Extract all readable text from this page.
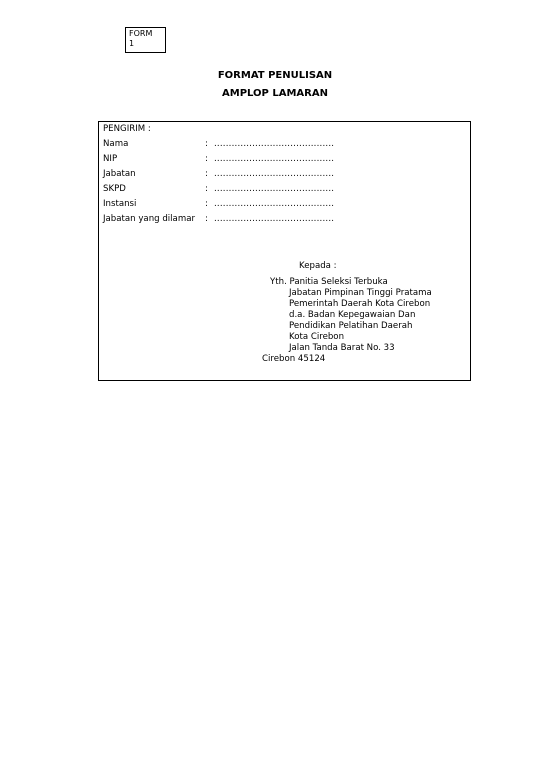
FORM
1
FORMAT PENULISAN
AMPLOP LAMARAN
PENGIRIM :
Nama	: .........................................
NIP	: .........................................
Jabatan	: .........................................
SKPD	: .........................................
Instansi	: .........................................
Jabatan yang dilamar : .........................................
Kepada :
Yth. Panitia Seleksi Terbuka
Jabatan Pimpinan Tinggi Pratama
Pemerintah Daerah Kota Cirebon
d.a. Badan Kepegawaian Dan
Pendidikan Pelatihan Daerah
Kota Cirebon
Jalan Tanda Barat No. 33
Cirebon 45124
